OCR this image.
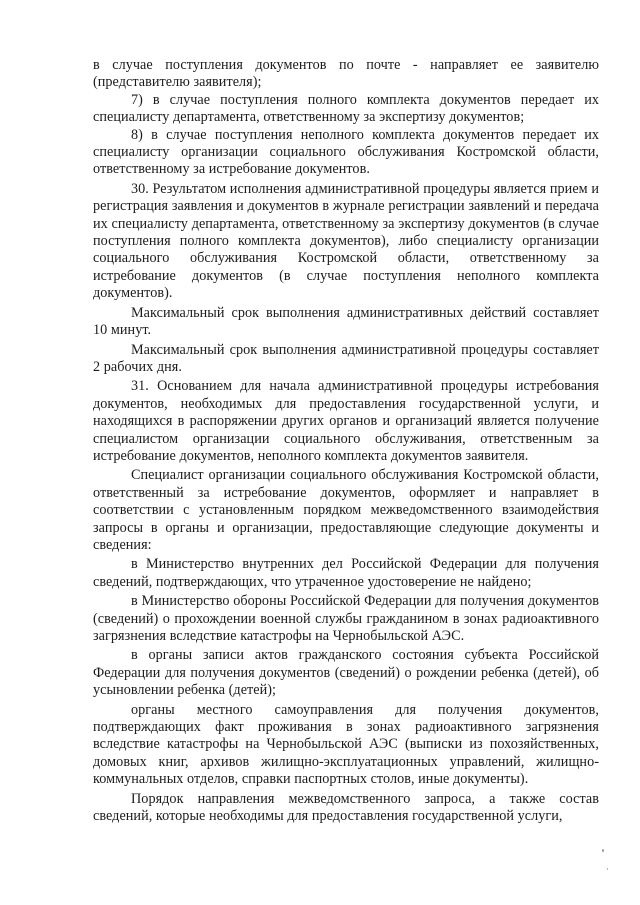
в случае поступления документов по почте - направляет ее заявителю (представителю заявителя);

7) в случае поступления полного комплекта документов передает их специалисту департамента, ответственному за экспертизу документов;

8) в случае поступления неполного комплекта документов передает их специалисту организации социального обслуживания Костромской области, ответственному за истребование документов.

30. Результатом исполнения административной процедуры является прием и регистрация заявления и документов в журнале регистрации заявлений и передача их специалисту департамента, ответственному за экспертизу документов (в случае поступления полного комплекта документов), либо специалисту организации социального обслуживания Костромской области, ответственному за истребование документов (в случае поступления неполного комплекта документов).

Максимальный срок выполнения административных действий составляет 10 минут.

Максимальный срок выполнения административной процедуры составляет 2 рабочих дня.

31. Основанием для начала административной процедуры истребования документов, необходимых для предоставления государственной услуги, и находящихся в распоряжении других органов и организаций является получение специалистом организации социального обслуживания, ответственным за истребование документов, неполного комплекта документов заявителя.

Специалист организации социального обслуживания Костромской области, ответственный за истребование документов, оформляет и направляет в соответствии с установленным порядком межведомственного взаимодействия запросы в органы и организации, предоставляющие следующие документы и сведения:

в Министерство внутренних дел Российской Федерации для получения сведений, подтверждающих, что утраченное удостоверение не найдено;

в Министерство обороны Российской Федерации для получения документов (сведений) о прохождении военной службы гражданином в зонах радиоактивного загрязнения вследствие катастрофы на Чернобыльской АЭС.

в органы записи актов гражданского состояния субъекта Российской Федерации для получения документов (сведений) о рождении ребенка (детей), об усыновлении ребенка (детей);

органы местного самоуправления для получения документов, подтверждающих факт проживания в зонах радиоактивного загрязнения вследствие катастрофы на Чернобыльской АЭС (выписки из похозяйственных, домовых книг, архивов жилищно-эксплуатационных управлений, жилищно-коммунальных отделов, справки паспортных столов, иные документы).

Порядок направления межведомственного запроса, а также состав сведений, которые необходимы для предоставления государственной услуги,
